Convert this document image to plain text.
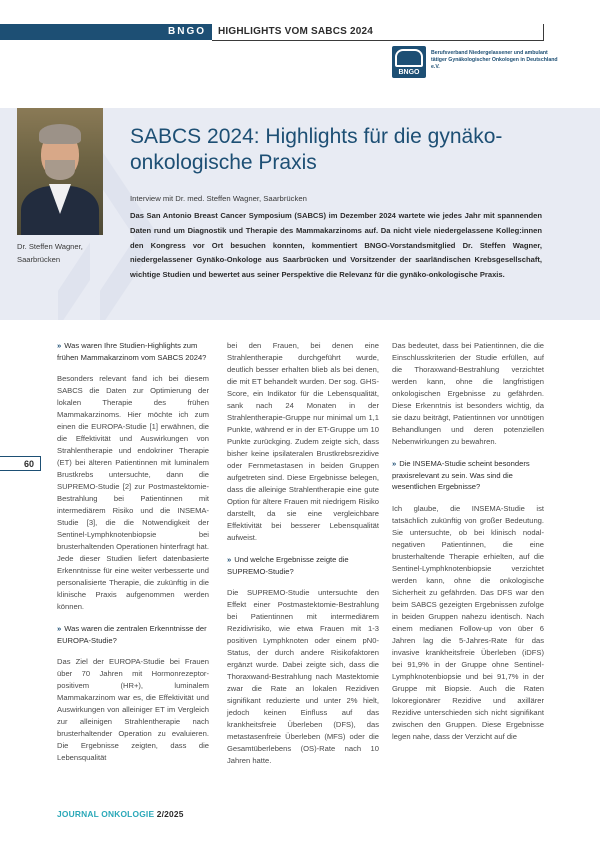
BNGO HIGHLIGHTS VOM SABCS 2024
BNGO
Berufsverband Niedergelassener und ambulant tätiger Gynäkologischer Onkologen in Deutschland e.V.
Dr. Steffen Wagner,
Saarbrücken
SABCS 2024: Highlights für die gynäko-onkologische Praxis
Interview mit Dr. med. Steffen Wagner, Saarbrücken

Das San Antonio Breast Cancer Symposium (SABCS) im Dezember 2024 wartete wie jedes Jahr mit spannenden Daten rund um Diagnostik und Therapie des Mammakarzinoms auf. Da nicht viele niedergelassene Kolleg:innen den Kongress vor Ort besuchen konnten, kommentiert BNGO-Vorstandsmitglied Dr. Steffen Wagner, niedergelassener Gynäko-Onkologe aus Saarbrücken und Vorsitzender der saarländischen Krebsgesellschaft, wichtige Studien und bewertet aus seiner Perspektive die Relevanz für die gynäko-onkologische Praxis.

60
» Was waren Ihre Studien-Highlights zum frühen Mammakarzinom vom SABCS 2024?

Besonders relevant fand ich bei diesem SABCS die Daten zur Optimierung der lokalen Therapie des frühen Mammakarzinoms. Hier möchte ich zum einen die EUROPA-Studie [1] erwähnen, die die Effektivität und Auswirkungen von Strahlentherapie und endokriner Therapie (ET) bei älteren Patientinnen mit luminalem Brustkrebs untersuchte, dann die SUPREMO-Studie [2] zur Postmastektomie-Bestrahlung bei Patientinnen mit intermediärem Risiko und die INSEMA-Studie [3], die die Notwendigkeit der Sentinel-Lymphknotenbiopsie bei brusterhaltenden Operationen hinterfragt hat. Jede dieser Studien liefert datenbasierte Erkenntnisse für eine weiter verbesserte und personalisierte Therapie, die zukünftig in die klinische Praxis aufgenommen werden können.

» Was waren die zentralen Erkenntnisse der EUROPA-Studie?

Das Ziel der EUROPA-Studie bei Frauen über 70 Jahren mit Hormonrezeptor-positivem (HR+), luminalem Mammakarzinom war es, die Effektivität und Auswirkungen von alleiniger ET im Vergleich zur alleinigen Strahlentherapie nach brusterhaltender Operation zu evaluieren. Die Ergebnisse zeigten, dass die Lebensqualität

bei den Frauen, bei denen eine Strahlentherapie durchgeführt wurde, deutlich besser erhalten blieb als bei denen, die mit ET behandelt wurden. Der sog. GHS-Score, ein Indikator für die Lebensqualität, sank nach 24 Monaten in der Strahlentherapie-Gruppe nur minimal um 1,1 Punkte, während er in der ET-Gruppe um 10 Punkte zurückging. Zudem zeigte sich, dass bisher keine ipsilateralen Brustkrebsrezidive oder Fernmetastasen in beiden Gruppen aufgetreten sind. Diese Ergebnisse belegen, dass die alleinige Strahlentherapie eine gute Option für ältere Frauen mit niedrigem Risiko darstellt, da sie eine vergleichbare Effektivität bei besserer Lebensqualität aufweist.

» Und welche Ergebnisse zeigte die SUPREMO-Studie?

Die SUPREMO-Studie untersuchte den Effekt einer Postmastektomie-Bestrahlung bei Patientinnen mit intermediärem Rezidivrisiko, wie etwa Frauen mit 1-3 positiven Lymphknoten oder einem pN0-Status, der durch andere Risikofaktoren ergänzt wurde. Dabei zeigte sich, dass die Thoraxwand-Bestrahlung nach Mastektomie zwar die Rate an lokalen Rezidiven signifikant reduzierte und unter 2% hielt, jedoch keinen Einfluss auf das krankheitsfreie Überleben (DFS), das metastasenfreie Überleben (MFS) oder die Gesamtüberlebens (OS)-Rate nach 10 Jahren hatte.

Das bedeutet, dass bei Patientinnen, die die Einschlusskriterien der Studie erfüllen, auf die Thoraxwand-Bestrahlung verzichtet werden kann, ohne die langfristigen onkologischen Ergebnisse zu gefährden. Diese Erkenntnis ist besonders wichtig, da sie dazu beiträgt, Patientinnen vor unnötigen Behandlungen und deren potenziellen Nebenwirkungen zu bewahren.

» Die INSEMA-Studie scheint besonders praxisrelevant zu sein. Was sind die wesentlichen Ergebnisse?

Ich glaube, die INSEMA-Studie ist tatsächlich zukünftig von großer Bedeutung. Sie untersuchte, ob bei klinisch nodal-negativen Patientinnen, die eine brusterhaltende Therapie erhielten, auf die Sentinel-Lymphknotenbiopsie verzichtet werden kann, ohne die onkologische Sicherheit zu gefährden. Das DFS war den beim SABCS gezeigten Ergebnissen zufolge in beiden Gruppen nahezu identisch. Nach einem medianen Follow-up von über 6 Jahren lag die 5-Jahres-Rate für das invasive krankheitsfreie Überleben (iDFS) bei 91,9% in der Gruppe ohne Sentinel-Lymphknotenbiopsie und bei 91,7% in der Gruppe mit Biopsie. Auch die Raten lokoregionärer Rezidive und axillärer Rezidive unterschieden sich nicht signifikant zwischen den Gruppen. Diese Ergebnisse legen nahe, dass der Verzicht auf die

JOURNAL ONKOLOGIE 2/2025
